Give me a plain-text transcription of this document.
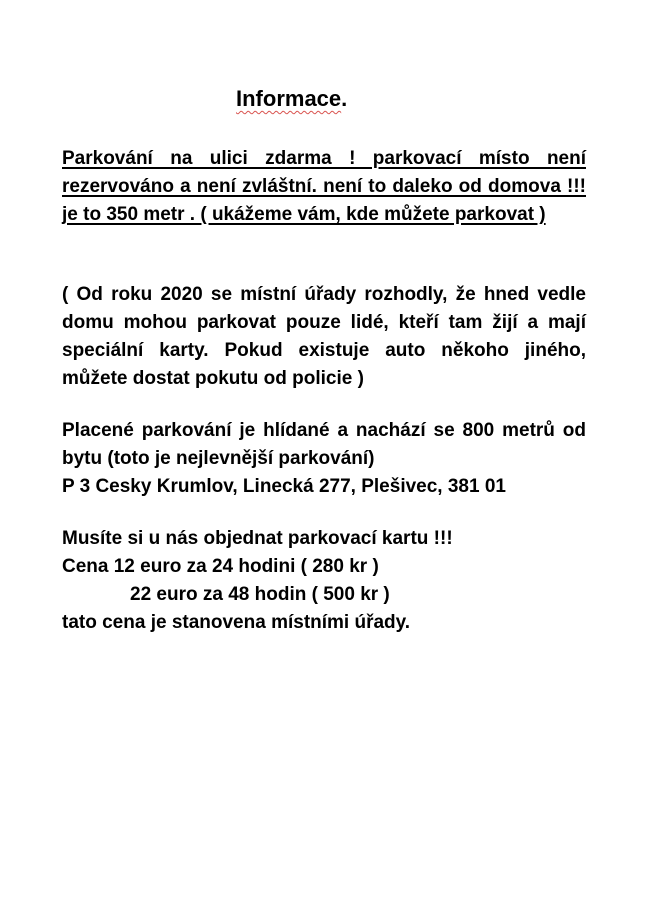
Informace.
Parkování na ulici zdarma ! parkovací místo není rezervováno a není zvláštní. není to daleko od domova !!! je to 350 metr . ( ukážeme vám, kde můžete parkovat )
( Od roku 2020 se místní úřady rozhodly, že hned vedle domu mohou parkovat pouze lidé, kteří tam žijí a mají speciální karty. Pokud existuje auto někoho jiného, můžete dostat pokutu od policie )
Placené parkování je hlídané a nachází se 800 metrů od bytu (toto je nejlevnější parkování)
P 3 Cesky Krumlov, Linecká 277, Plešivec, 381 01
Musíte si u nás objednat parkovací kartu !!!
Cena 12 euro za 24 hodini ( 280 kr )
22 euro za 48 hodin ( 500 kr )
tato cena je stanovena místními úřady.
